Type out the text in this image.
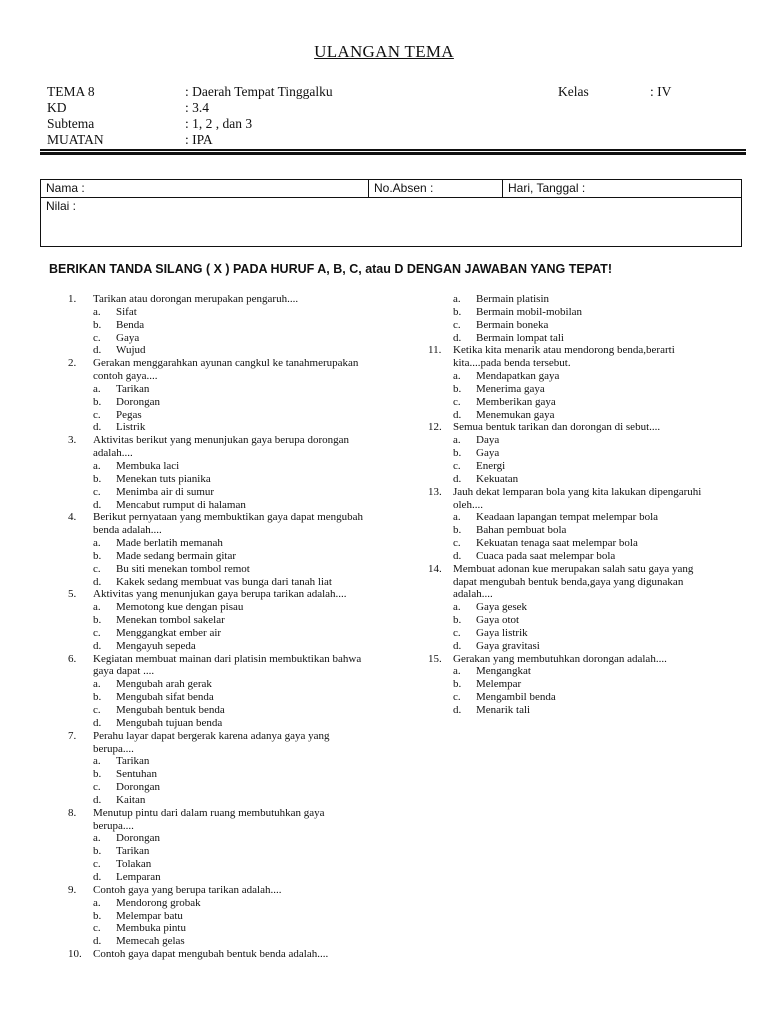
ULANGAN TEMA
TEMA 8	: Daerah Tempat Tinggalku
KD	: 3.4
Subtema	: 1, 2 , dan 3
MUATAN	: IPA
Kelas	: IV
Nama :	No.Absen :	Hari, Tanggal :
Nilai :
BERIKAN TANDA SILANG ( X ) PADA HURUF A, B, C, atau D DENGAN JAWABAN YANG TEPAT!
1.	Tarikan atau dorongan merupakan pengaruh....
a.	Sifat
b.	Benda
c.	Gaya
d.	Wujud
2.	Gerakan menggarahkan ayunan cangkul ke tanahmerupakan contoh gaya....
a.	Tarikan
b.	Dorongan
c.	Pegas
d.	Listrik
3.	Aktivitas berikut yang menunjukan gaya berupa dorongan adalah....
a.	Membuka laci
b.	Menekan tuts pianika
c.	Menimba air di sumur
d.	Mencabut rumput di halaman
4.	Berikut pernyataan yang membuktikan gaya dapat mengubah benda adalah....
a.	Made berlatih memanah
b.	Made sedang bermain gitar
c.	Bu siti menekan tombol remot
d.	Kakek sedang membuat vas bunga dari tanah liat
5.	Aktivitas yang menunjukan gaya berupa tarikan adalah....
a.	Memotong kue dengan pisau
b.	Menekan tombol sakelar
c.	Menggangkat ember air
d.	Mengayuh sepeda
6.	Kegiatan membuat mainan dari platisin membuktikan bahwa gaya dapat ....
a.	Mengubah arah gerak
b.	Mengubah sifat benda
c.	Mengubah bentuk benda
d.	Mengubah tujuan benda
7.	Perahu layar dapat bergerak karena adanya gaya yang berupa....
a.	Tarikan
b.	Sentuhan
c.	Dorongan
d.	Kaitan
8.	Menutup pintu dari dalam ruang membutuhkan gaya berupa....
a.	Dorongan
b.	Tarikan
c.	Tolakan
d.	Lemparan
9.	Contoh gaya yang berupa tarikan adalah....
a.	Mendorong grobak
b.	Melempar batu
c.	Membuka pintu
d.	Memecah gelas
10.	Contoh gaya dapat mengubah bentuk benda adalah....
a.	Bermain platisin
b.	Bermain mobil-mobilan
c.	Bermain boneka
d.	Bermain lompat tali
11.	Ketika kita menarik atau mendorong benda,berarti kita....pada benda tersebut.
a.	Mendapatkan gaya
b.	Menerima gaya
c.	Memberikan gaya
d.	Menemukan gaya
12.	Semua bentuk tarikan dan dorongan di sebut....
a.	Daya
b.	Gaya
c.	Energi
d.	Kekuatan
13.	Jauh dekat lemparan bola yang kita lakukan dipengaruhi oleh....
a.	Keadaan lapangan tempat melempar bola
b.	Bahan pembuat bola
c.	Kekuatan tenaga saat melempar bola
d.	Cuaca pada saat melempar bola
14.	Membuat adonan kue merupakan salah satu gaya yang dapat mengubah bentuk benda,gaya yang digunakan adalah....
a.	Gaya gesek
b.	Gaya otot
c.	Gaya listrik
d.	Gaya gravitasi
15.	Gerakan yang membutuhkan dorongan adalah....
a.	Mengangkat
b.	Melempar
c.	Mengambil benda
d.	Menarik tali
